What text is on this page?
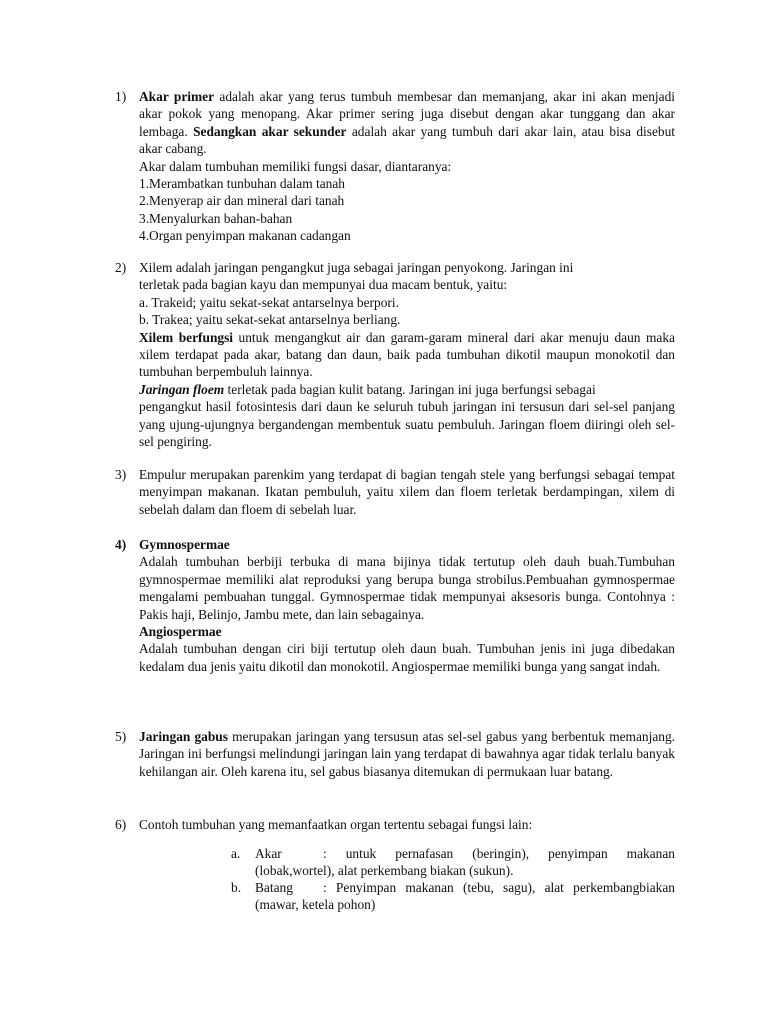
1) Akar primer adalah akar yang terus tumbuh membesar dan memanjang, akar ini akan menjadi akar pokok yang menopang. Akar primer sering juga disebut dengan akar tunggang dan akar lembaga. Sedangkan akar sekunder adalah akar yang tumbuh dari akar lain, atau bisa disebut akar cabang.

Akar dalam tumbuhan memiliki fungsi dasar, diantaranya:

1.Merambatkan tunbuhan dalam tanah

2.Menyerap air dan mineral dari tanah

3.Menyalurkan bahan-bahan

4.Organ penyimpan makanan cadangan

2) Xilem adalah jaringan pengangkut juga sebagai jaringan penyokong. Jaringan ini

terletak pada bagian kayu dan mempunyai dua macam bentuk, yaitu:

a. Trakeid; yaitu sekat-sekat antarselnya berpori.

b. Trakea; yaitu sekat-sekat antarselnya berliang.

Xilem berfungsi untuk mengangkut air dan garam-garam mineral dari akar menuju daun maka xilem terdapat pada akar, batang dan daun, baik pada tumbuhan dikotil maupun monokotil dan tumbuhan berpembuluh lainnya.

Jaringan floem terletak pada bagian kulit batang. Jaringan ini juga berfungsi sebagai

pengangkut hasil fotosintesis dari daun ke seluruh tubuh jaringan ini tersusun dari sel-sel panjang yang ujung-ujungnya bergandengan membentuk suatu pembuluh. Jaringan floem diiringi oleh sel-sel pengiring.

3) Empulur merupakan parenkim yang terdapat di bagian tengah stele yang berfungsi sebagai tempat menyimpan makanan. Ikatan pembuluh, yaitu xilem dan floem terletak berdampingan, xilem di sebelah dalam dan floem di sebelah luar.

4) Gymnospermae

Adalah tumbuhan berbiji terbuka di mana bijinya tidak tertutup oleh dauh buah.Tumbuhan gymnospermae memiliki alat reproduksi yang berupa bunga strobilus.Pembuahan gymnospermae mengalami pembuahan tunggal. Gymnospermae tidak mempunyai aksesoris bunga. Contohnya : Pakis haji, Belinjo, Jambu mete, dan lain sebagainya.

Angiospermae

Adalah tumbuhan dengan ciri biji tertutup oleh daun buah. Tumbuhan jenis ini juga dibedakan kedalam dua jenis yaitu dikotil dan monokotil. Angiospermae memiliki bunga yang sangat indah.

5) Jaringan gabus merupakan jaringan yang tersusun atas sel-sel gabus yang berbentuk memanjang. Jaringan ini berfungsi melindungi jaringan lain yang terdapat di bawahnya agar tidak terlalu banyak kehilangan air. Oleh karena itu, sel gabus biasanya ditemukan di permukaan luar batang.

6) Contoh tumbuhan yang memanfaatkan organ tertentu sebagai fungsi lain:

a.	Akar	: untuk pernafasan (beringin), penyimpan makanan (lobak,wortel), alat perkembang biakan (sukun).

b.	Batang : Penyimpan makanan (tebu, sagu), alat perkembangbiakan (mawar, ketela pohon)
